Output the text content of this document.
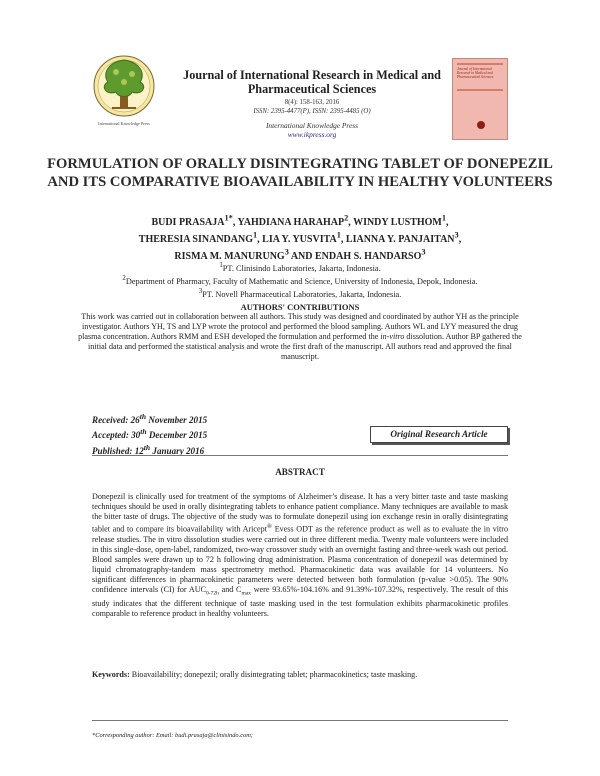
International Knowledge Press
Journal of International Research in Medical and Pharmaceutical Sciences
8(4): 158-163, 2016
ISSN: 2395-4477(P), ISSN: 2395-4485 (O)
International Knowledge Press
www.ikpress.org
Journal of International Research in Medical and Pharmaceutical Sciences
FORMULATION OF ORALLY DISINTEGRATING TABLET OF DONEPEZIL AND ITS COMPARATIVE BIOAVAILABILITY IN HEALTHY VOLUNTEERS
BUDI $PRASAJA^{1*}$, YAHDIANA HARAHAP$^2$, WINDY LUSTHOM$^1$,
THERESIA SINANDANG$^1$, LIA Y. YUSVITA$^1$, LIANNA Y. PANJAITAN$^3$,
RISMA M. MANURUNG$^3$ AND ENDAH S. HANDARSO$^3$
$^1$PT. Clinisindo Laboratories, Jakarta, Indonesia.
$^2$Department of Pharmacy, Faculty of Mathematic and Science, University of Indonesia, Depok, Indonesia.
$^3$PT. Novell Pharmaceutical Laboratories, Jakarta, Indonesia.
AUTHORS' CONTRIBUTIONS
This work was carried out in collaboration between all authors. This study was designed and coordinated by author YH as the principle investigator. Authors YH, TS and LYP wrote the protocol and performed the blood sampling. Authors WL and LYY measured the drug plasma concentration. Authors RMM and ESH developed the formulation and performed the in-vitro dissolution. Author BP gathered the initial data and performed the statistical analysis and wrote the first draft of the manuscript. All authors read and approved the final manuscript.
Received: 26th November 2015
Accepted: 30th December 2015
Published: 12th January 2016
Original Research Article
ABSTRACT
Donepezil is clinically used for treatment of the symptoms of Alzheimer’s disease. It has a very bitter taste and taste masking techniques should be used in orally disintegrating tablets to enhance patient compliance. Many techniques are available to mask the bitter taste of drugs. The objective of the study was to formulate donepezil using ion exchange resin in orally disintegrating tablet and to compare its bioavailability with Aricept® Evess ODT as the reference product as well as to evaluate the in vitro release studies. The in vitro dissolution studies were carried out in three different media. Twenty male volunteers were included in this single-dose, open-label, randomized, two-way crossover study with an overnight fasting and three-week wash out period. Blood samples were drawn up to 72 h following drug administration. Plasma concentration of donepezil was determined by liquid chromatography-tandem mass spectrometry method. Pharmacokinetic data was available for 14 volunteers. No significant differences in pharmacokinetic parameters were detected between both formulation (p-value >0.05). The 90% confidence intervals (CI) for $AUC_{0-72h}$ and $C_{max}$ were 93.65%-104.16% and 91.39%-107.32%, respectively. The result of this study indicates that the different technique of taste masking used in the test formulation exhibits pharmacokinetic profiles comparable to reference product in healthy volunteers.
Keywords: Bioavailability; donepezil; orally disintegrating tablet; pharmacokinetics; taste masking.
*Corresponding author: Email: budi.prasaja@clinisindo.com;
